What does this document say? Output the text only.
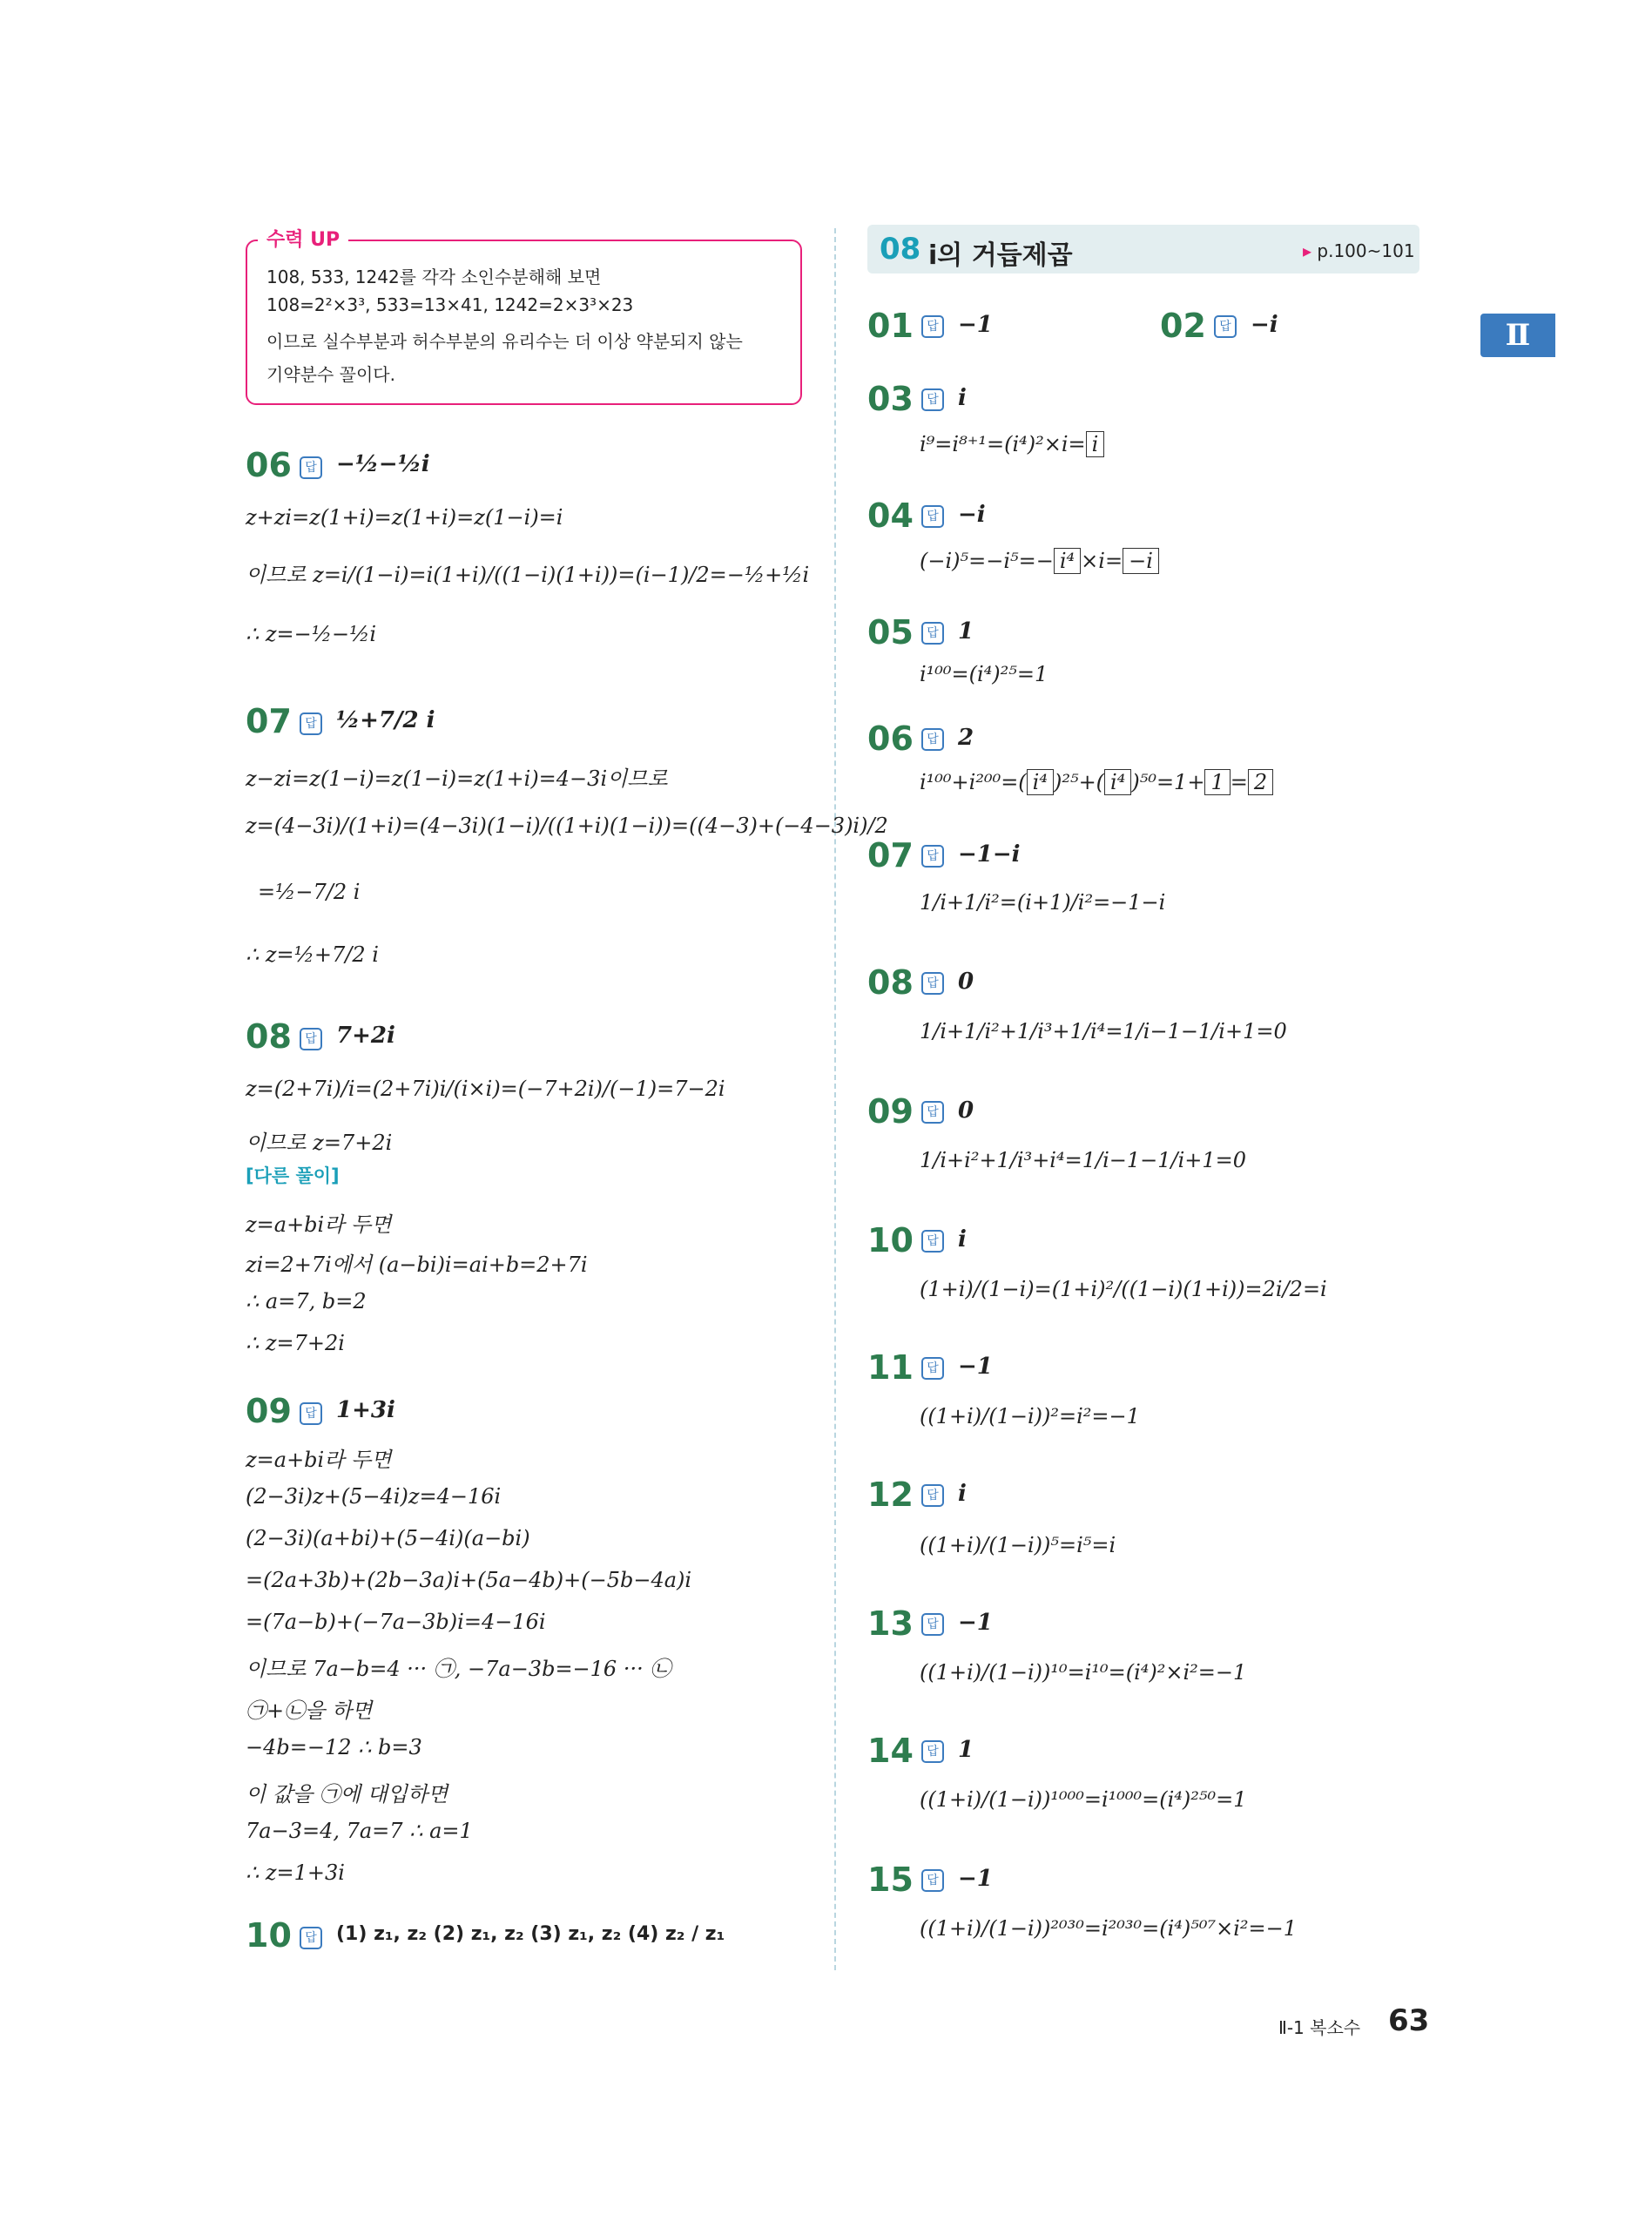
수력 UP
108, 533, 1242를 각각 소인수분해해 보면
108=2²×3³, 533=13×41, 1242=2×3³×23
이므로 실수부분과 허수부분의 유리수는 더 이상 약분되지 않는
기약분수 꼴이다.
Ⅱ
06	답 −½−½i
z+zi=z(1+i)=z(1+i)=z(1−i)=i
이므로 z=i/(1−i)=i(1+i)/((1−i)(1+i))=(i−1)/2=−½+½i
∴ z=−½−½i
07	답 ½+7/2 i
z−zi=z(1−i)=z(1−i)=z(1+i)=4−3i이므로
z=(4−3i)/(1+i)=(4−3i)(1−i)/((1+i)(1−i))=((4−3)+(−4−3)i)/2
=½−7/2 i
∴ z=½+7/2 i
08	답 7+2i
z=(2+7i)/i=(2+7i)i/(i×i)=(−7+2i)/(−1)=7−2i
이므로 z=7+2i
[다른 풀이]
z=a+bi라 두면
zi=2+7i에서 (a−bi)i=ai+b=2+7i
∴ a=7, b=2
∴ z=7+2i
09	답 1+3i
z=a+bi라 두면
(2−3i)z+(5−4i)z=4−16i
(2−3i)(a+bi)+(5−4i)(a−bi)
=(2a+3b)+(2b−3a)i+(5a−4b)+(−5b−4a)i
=(7a−b)+(−7a−3b)i=4−16i
이므로 7a−b=4 ··· ㉠, −7a−3b=−16 ··· ㉡
㉠+㉡을 하면
−4b=−12 ∴ b=3
이 값을 ㉠에 대입하면
7a−3=4, 7a=7 ∴ a=1
∴ z=1+3i
10	답 (1) z₁, z₂ (2) z₁, z₂ (3) z₁, z₂ (4) z₂ / z₁
08 i의 거듭제곱	▸ p.100~101
01	답 −1	02	답 −i
03	답 i
i⁹=i⁸⁺¹=(i⁴)²×i= i
04	답 −i
(−i)⁵=−i⁵=− i⁴ ×i= −i
05	답 1
i¹⁰⁰=(i⁴)²⁵=1
06	답 2
i¹⁰⁰+i²⁰⁰=( i⁴ )²⁵+( i⁴ )⁵⁰=1+ 1 = 2
07	답 −1−i
1/i+1/i²=(i+1)/i²=−1−i
08	답 0
1/i+1/i²+1/i³+1/i⁴=1/i−1−1/i+1=0
09	답 0
1/i+i²+1/i³+i⁴=1/i−1−1/i+1=0
10	답 i
(1+i)/(1−i)=(1+i)²/((1−i)(1+i))=2i/2=i
11	답 −1
((1+i)/(1−i))²=i²=−1
12	답 i
((1+i)/(1−i))⁵=i⁵=i
13	답 −1
((1+i)/(1−i))¹⁰=i¹⁰=(i⁴)²×i²=−1
14	답 1
((1+i)/(1−i))¹⁰⁰⁰=i¹⁰⁰⁰=(i⁴)²⁵⁰=1
15	답 −1
((1+i)/(1−i))²⁰³⁰=i²⁰³⁰=(i⁴)⁵⁰⁷×i²=−1
Ⅱ-1 복소수 63
